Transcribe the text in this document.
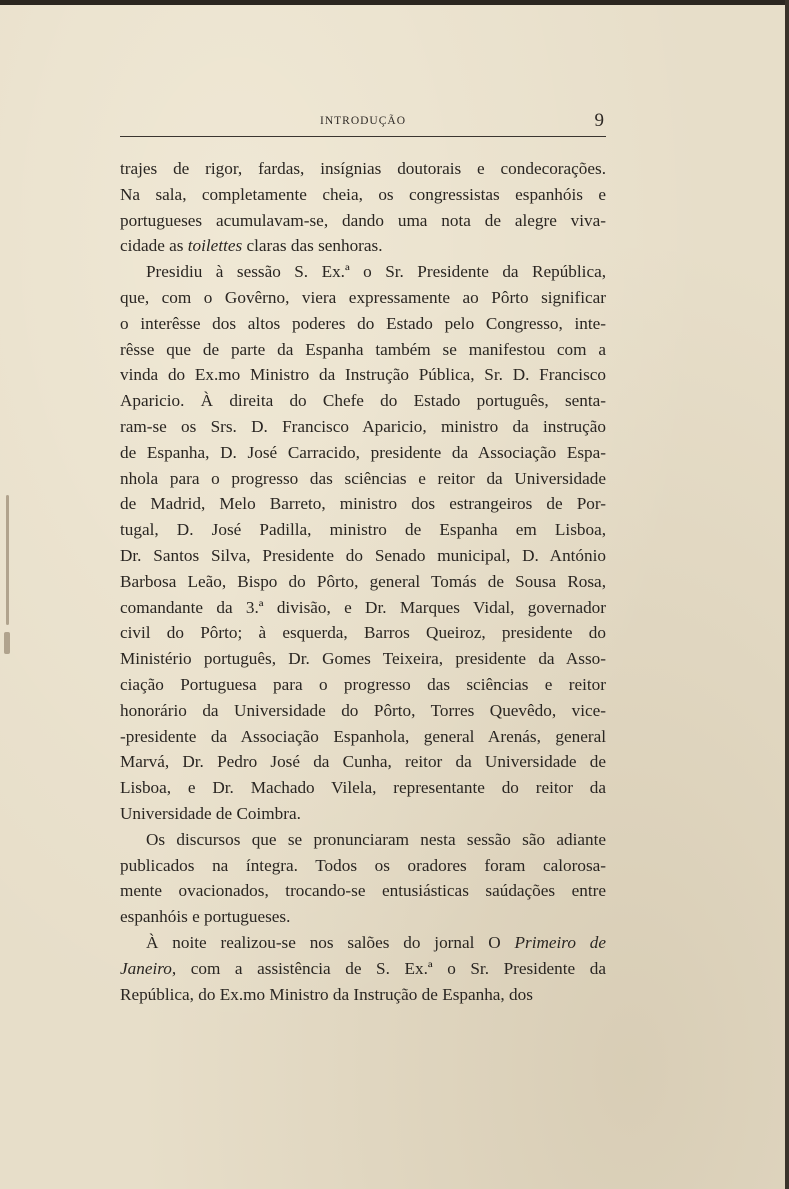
INTRODUÇÃO	9

trajes de rigor, fardas, insígnias doutorais e condecorações.
Na sala, completamente cheia, os congressistas espanhóis e
portugueses acumulavam-se, dando uma nota de alegre viva-
cidade as toilettes claras das senhoras.

Presidiu à sessão S. Ex.ª o Sr. Presidente da República,
que, com o Govêrno, viera expressamente ao Pôrto significar
o interêsse dos altos poderes do Estado pelo Congresso, inte-
rêsse que de parte da Espanha também se manifestou com a
vinda do Ex.mo Ministro da Instrução Pública, Sr. D. Francisco
Aparicio. À direita do Chefe do Estado português, senta-
ram-se os Srs. D. Francisco Aparicio, ministro da instrução
de Espanha, D. José Carracido, presidente da Associação Espa-
nhola para o progresso das sciências e reitor da Universidade
de Madrid, Melo Barreto, ministro dos estrangeiros de Por-
tugal, D. José Padilla, ministro de Espanha em Lisboa,
Dr. Santos Silva, Presidente do Senado municipal, D. António
Barbosa Leão, Bispo do Pôrto, general Tomás de Sousa Rosa,
comandante da 3.ª divisão, e Dr. Marques Vidal, governador
civil do Pôrto; à esquerda, Barros Queiroz, presidente do
Ministério português, Dr. Gomes Teixeira, presidente da Asso-
ciação Portuguesa para o progresso das sciências e reitor
honorário da Universidade do Pôrto, Torres Quevêdo, vice-
-presidente da Associação Espanhola, general Arenás, general
Marvá, Dr. Pedro José da Cunha, reitor da Universidade de
Lisboa, e Dr. Machado Vilela, representante do reitor da
Universidade de Coimbra.

Os discursos que se pronunciaram nesta sessão são adiante
publicados na íntegra. Todos os oradores foram calorosa-
mente ovacionados, trocando-se entusiásticas saúdações entre
espanhóis e portugueses.

À noite realizou-se nos salões do jornal O Primeiro de
Janeiro, com a assistência de S. Ex.ª o Sr. Presidente da
República, do Ex.mo Ministro da Instrução de Espanha, dos
